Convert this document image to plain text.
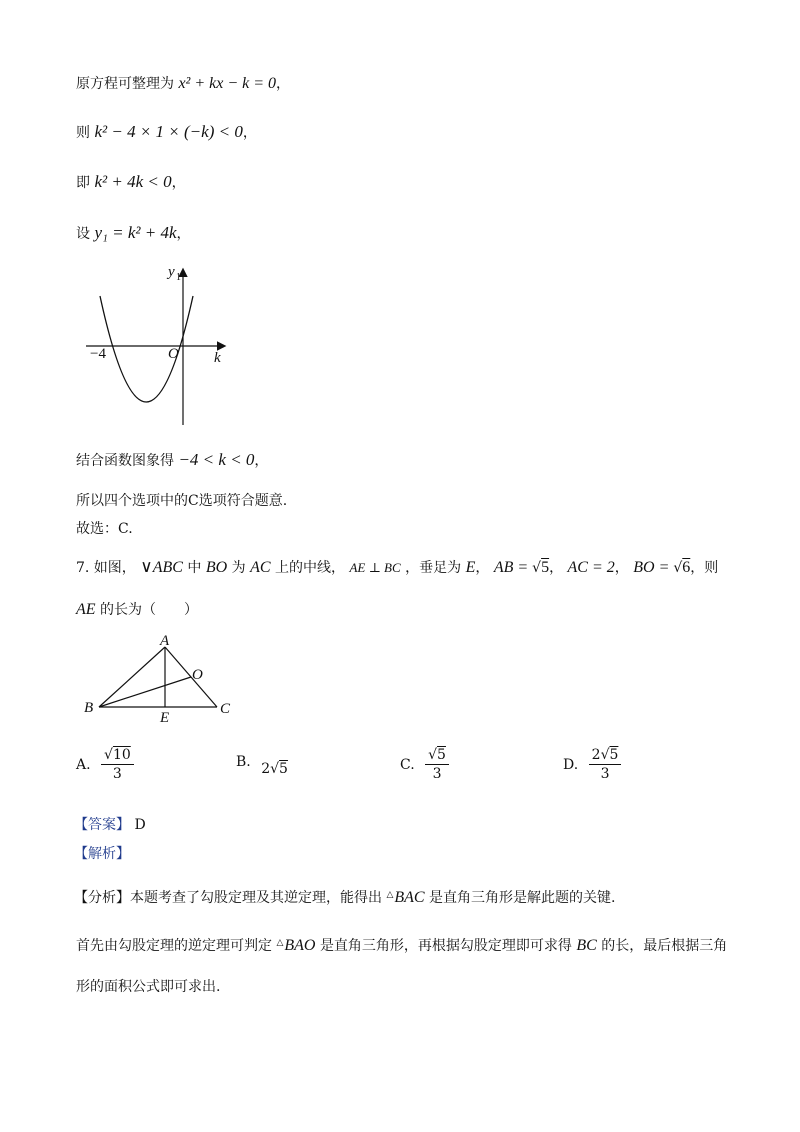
原方程可整理为 x² + kx − k = 0，
则 k² − 4 × 1 × (−k) < 0，
即 k² + 4k < 0，
设 y₁ = k² + 4k，
y 1
k
O
−4
结合函数图象得 −4 < k < 0，
所以四个选项中的C选项符合题意.
故选：C.
7. 如图， ∨ABC 中 BO 为 AC 上的中线， AE ⊥ BC ，垂足为 E， AB = √5， AC = 2， BO = √6，则
AE 的长为（　　）
A
B	C
E
O
A. $\frac{√10}{3}$	B. 2√5	C. $\frac{√5}{3}$	D. $\frac{2√5}{3}$
【答案】 D
【解析】
【分析】本题考查了勾股定理及其逆定理，能得出 △BAC 是直角三角形是解此题的关键.
首先由勾股定理的逆定理可判定 △BAO 是直角三角形，再根据勾股定理即可求得 BC 的长，最后根据三角
形的面积公式即可求出.
